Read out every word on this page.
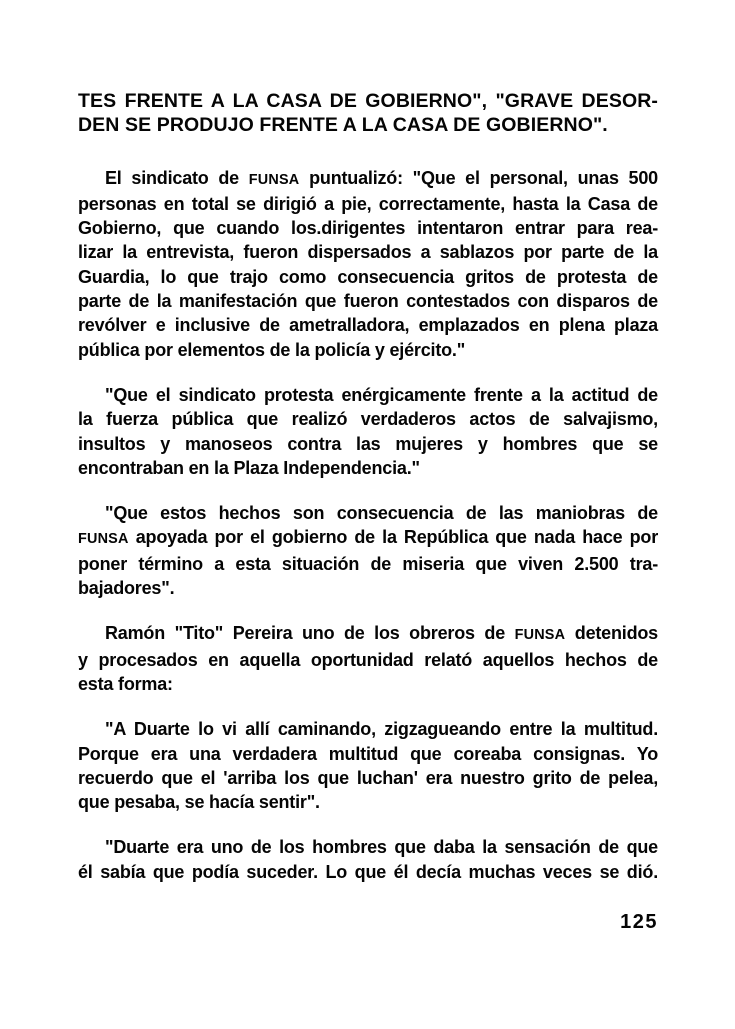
TES FRENTE A LA CASA DE GOBIERNO", "GRAVE DESOR-
DEN SE PRODUJO FRENTE A LA CASA DE GOBIERNO".
El sindicato de FUNSA puntualizó: "Que el personal, unas 500
personas en total se dirigió a pie, correctamente, hasta la Casa de
Gobierno, que cuando los.dirigentes intentaron entrar para rea-
lizar la entrevista, fueron dispersados a sablazos por parte de la
Guardia, lo que trajo como consecuencia gritos de protesta de
parte de la manifestación que fueron contestados con disparos de
revólver e inclusive de ametralladora, emplazados en plena plaza
pública por elementos de la policía y ejército."
"Que el sindicato protesta enérgicamente frente a la actitud de
la fuerza pública que realizó verdaderos actos de salvajismo,
insultos y manoseos contra las mujeres y hombres que se
encontraban en la Plaza Independencia."
"Que estos hechos son consecuencia de las maniobras de
FUNSA apoyada por el gobierno de la República que nada hace por
poner término a esta situación de miseria que viven 2.500 tra-
bajadores".
Ramón "Tito" Pereira uno de los obreros de FUNSA detenidos
y procesados en aquella oportunidad relató aquellos hechos de
esta forma:
"A Duarte lo vi allí caminando, zigzagueando entre la multitud.
Porque era una verdadera multitud que coreaba consignas. Yo
recuerdo que el 'arriba los que luchan' era nuestro grito de pelea,
que pesaba, se hacía sentir".
"Duarte era uno de los hombres que daba la sensación de que
él sabía que podía suceder. Lo que él decía muchas veces se dió.
125
